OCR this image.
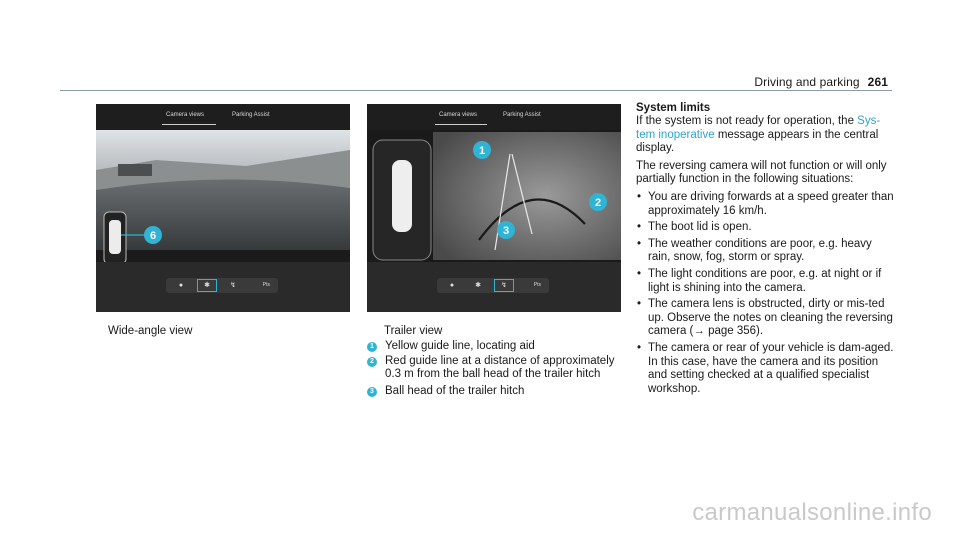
Driving and parking 261
Camera views	Parking Assist
6
●	✱	↯	Pts
Camera views	Parking Assist
1
2
3
●	✱	↯	Pts
Wide-angle view	Trailer view
1 Yellow guide line, locating aid
2 Red guide line at a distance of approximately 0.3 m from the ball head of the trailer hitch
3 Ball head of the trailer hitch
System limits

If the system is not ready for operation, the Sys-tem inoperative message appears in the central display.

The reversing camera will not function or will only partially function in the following situations:

• You are driving forwards at a speed greater than approximately 16 km/h.
• The boot lid is open.
• The weather conditions are poor, e.g. heavy rain, snow, fog, storm or spray.
• The light conditions are poor, e.g. at night or if light is shining into the camera.
• The camera lens is obstructed, dirty or mis-ted up. Observe the notes on cleaning the reversing camera (→ page 356).
• The camera or rear of your vehicle is dam-aged. In this case, have the camera and its position and setting checked at a qualified specialist workshop.
carmanualsonline.info
